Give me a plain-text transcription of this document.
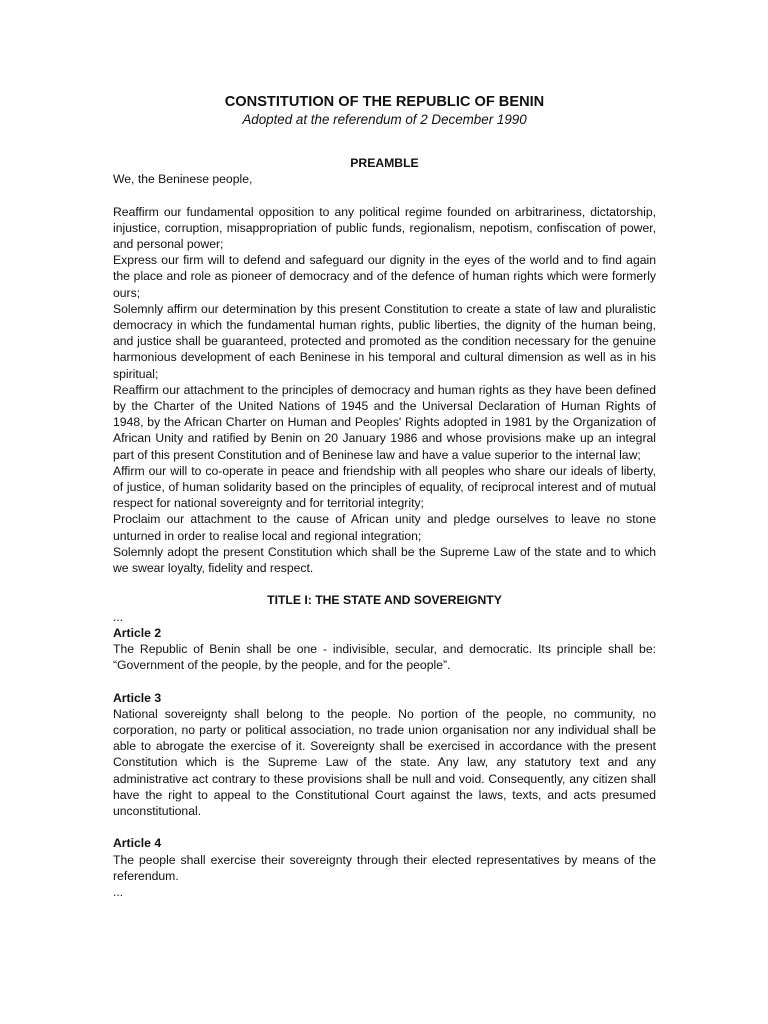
CONSTITUTION OF THE REPUBLIC OF BENIN

Adopted at the referendum of 2 December 1990

PREAMBLE

We, the Beninese people,

Reaffirm our fundamental opposition to any political regime founded on arbitrariness, dictatorship, injustice, corruption, misappropriation of public funds, regionalism, nepotism, confiscation of power, and personal power;

Express our firm will to defend and safeguard our dignity in the eyes of the world and to find again the place and role as pioneer of democracy and of the defence of human rights which were formerly ours;

Solemnly affirm our determination by this present Constitution to create a state of law and pluralistic democracy in which the fundamental human rights, public liberties, the dignity of the human being, and justice shall be guaranteed, protected and promoted as the condition necessary for the genuine harmonious development of each Beninese in his temporal and cultural dimension as well as in his spiritual;

Reaffirm our attachment to the principles of democracy and human rights as they have been defined by the Charter of the United Nations of 1945 and the Universal Declaration of Human Rights of 1948, by the African Charter on Human and Peoples' Rights adopted in 1981 by the Organization of African Unity and ratified by Benin on 20 January 1986 and whose provisions make up an integral part of this present Constitution and of Beninese law and have a value superior to the internal law;

Affirm our will to co-operate in peace and friendship with all peoples who share our ideals of liberty, of justice, of human solidarity based on the principles of equality, of reciprocal interest and of mutual respect for national sovereignty and for territorial integrity;

Proclaim our attachment to the cause of African unity and pledge ourselves to leave no stone unturned in order to realise local and regional integration;

Solemnly adopt the present Constitution which shall be the Supreme Law of the state and to which we swear loyalty, fidelity and respect.

TITLE I: THE STATE AND SOVEREIGNTY

...

Article 2

The Republic of Benin shall be one - indivisible, secular, and democratic. Its principle shall be: “Government of the people, by the people, and for the people”.

Article 3

National sovereignty shall belong to the people. No portion of the people, no community, no corporation, no party or political association, no trade union organisation nor any individual shall be able to abrogate the exercise of it. Sovereignty shall be exercised in accordance with the present Constitution which is the Supreme Law of the state. Any law, any statutory text and any administrative act contrary to these provisions shall be null and void. Consequently, any citizen shall have the right to appeal to the Constitutional Court against the laws, texts, and acts presumed unconstitutional.

Article 4

The people shall exercise their sovereignty through their elected representatives by means of the referendum.

...
